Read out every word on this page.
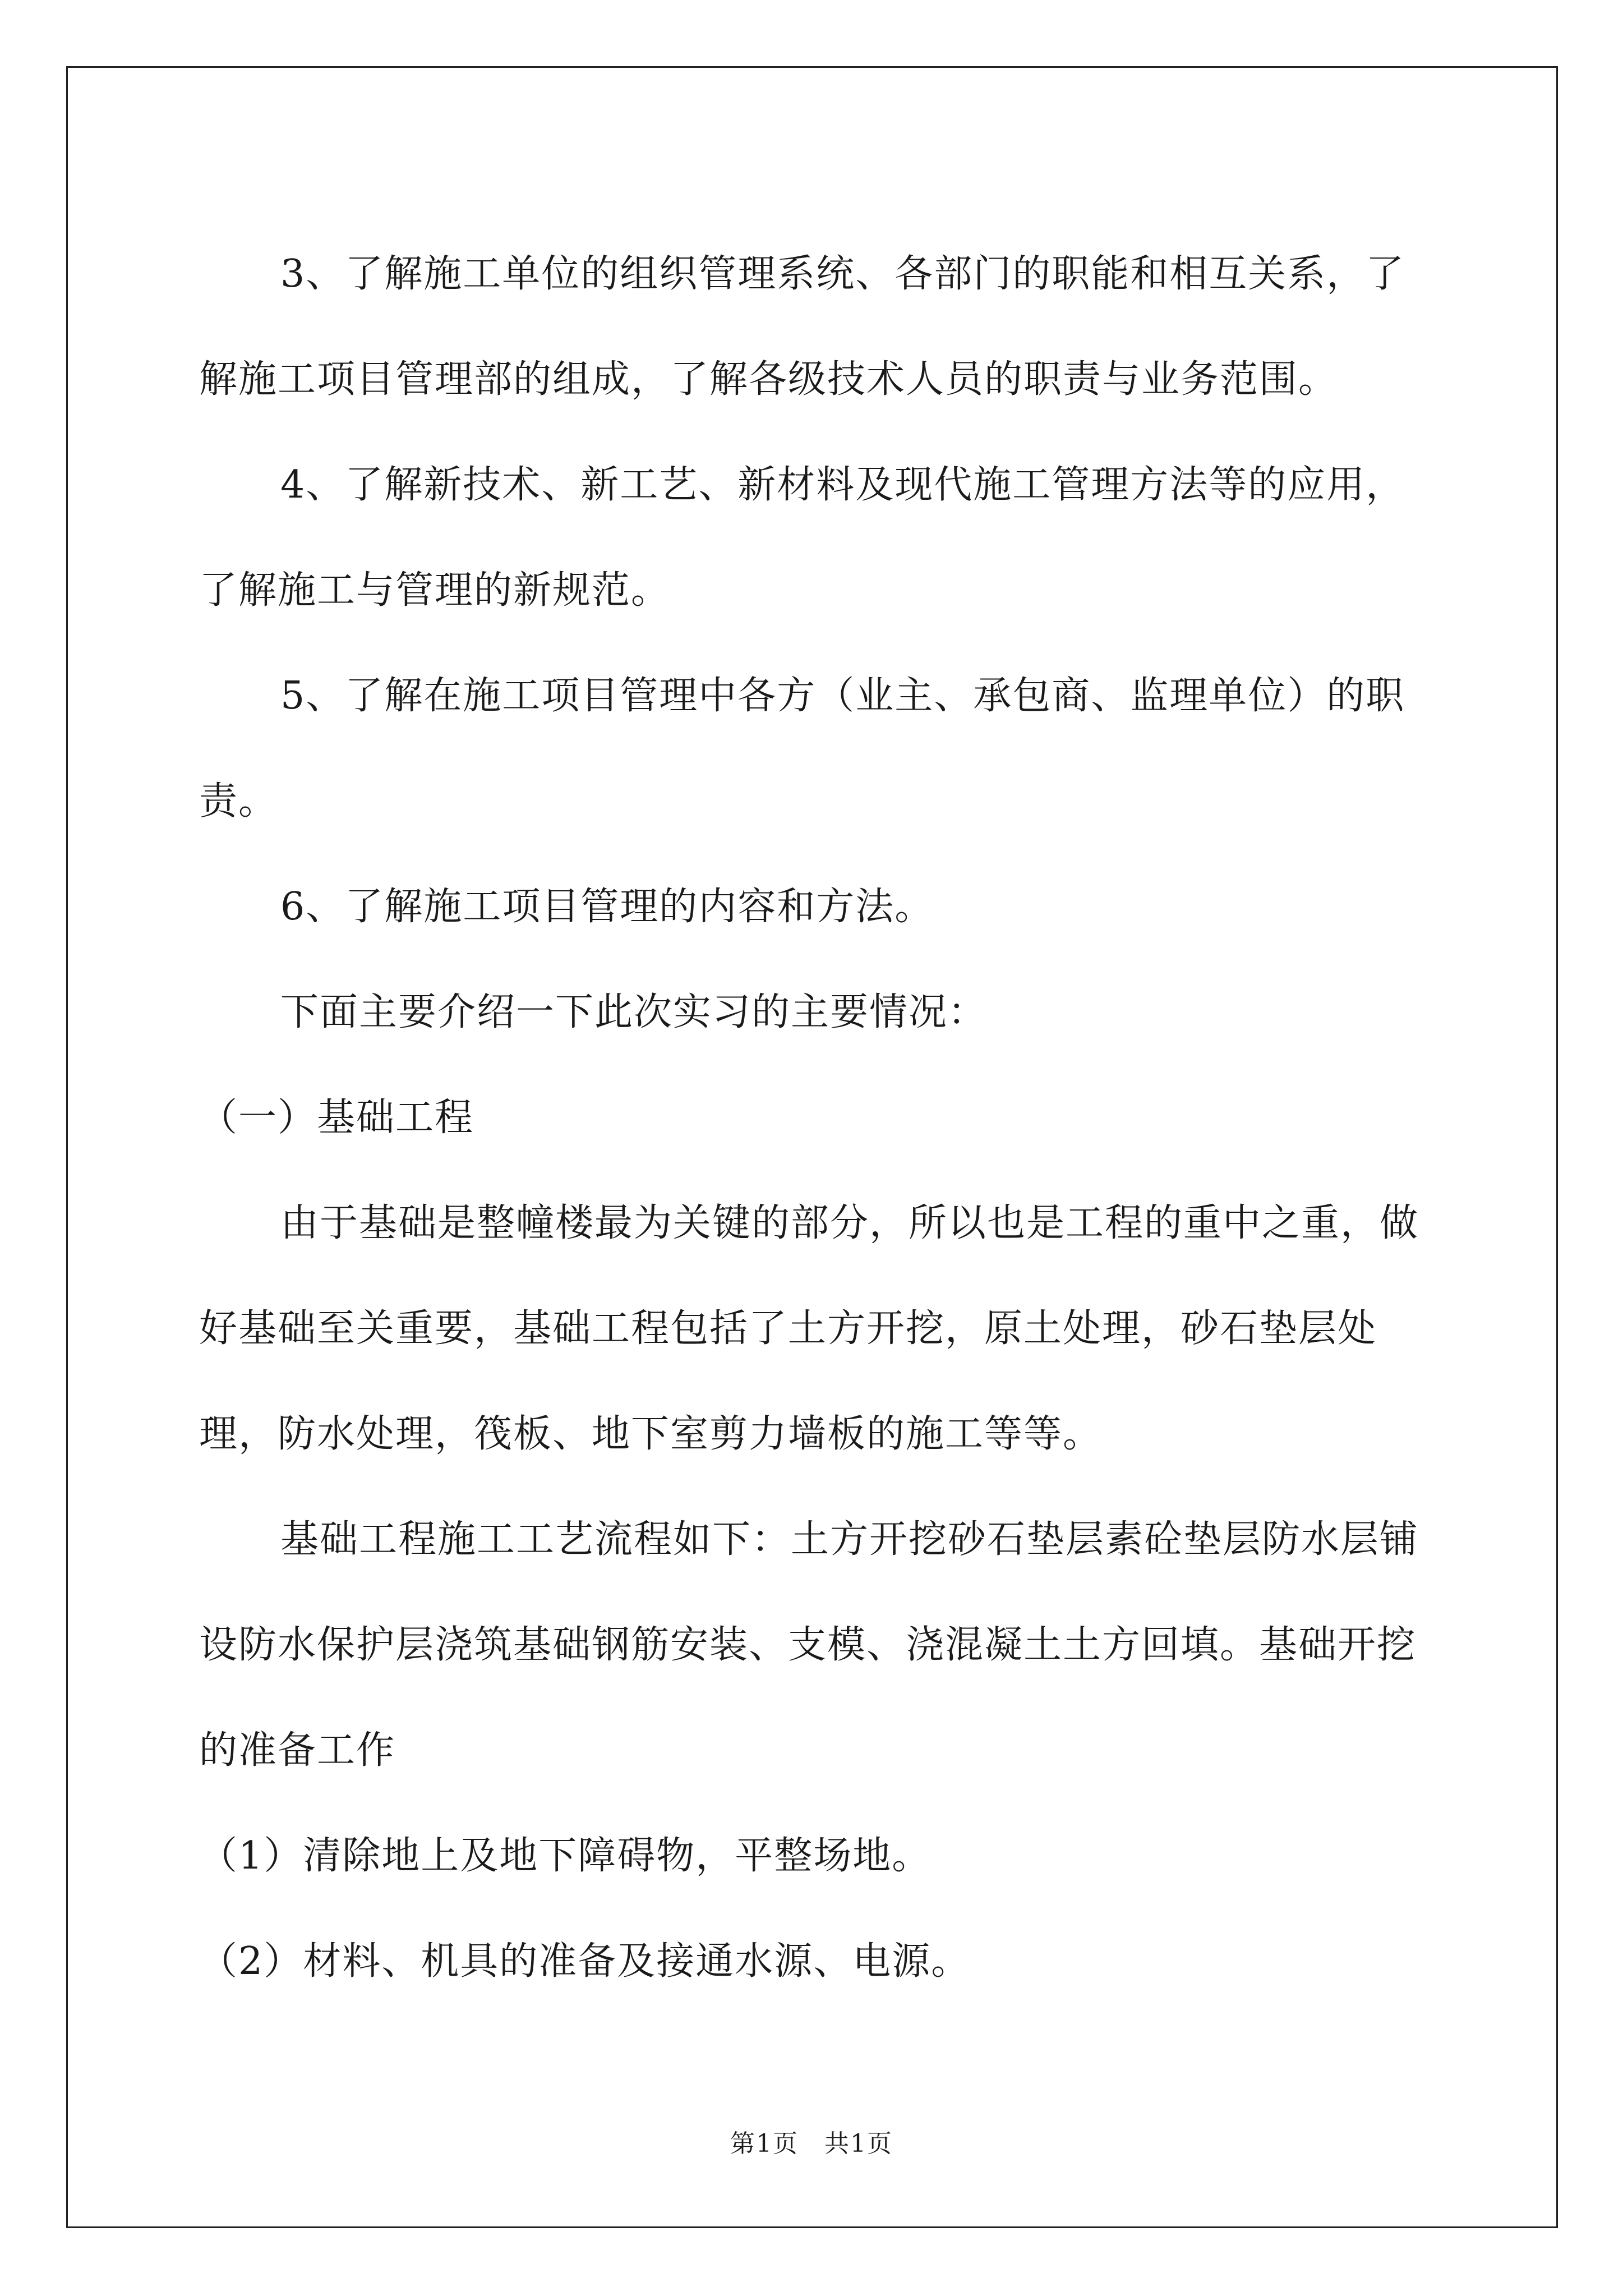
3、了解施工单位的组织管理系统、各部门的职能和相互关系，了解施工项目管理部的组成，了解各级技术人员的职责与业务范围。

4、了解新技术、新工艺、新材料及现代施工管理方法等的应用，了解施工与管理的新规范。

5、了解在施工项目管理中各方（业主、承包商、监理单位）的职责。

6、了解施工项目管理的内容和方法。

下面主要介绍一下此次实习的主要情况：

（一）基础工程

由于基础是整幢楼最为关键的部分，所以也是工程的重中之重，做好基础至关重要，基础工程包括了土方开挖，原土处理，砂石垫层处理，防水处理，筏板、地下室剪力墙板的施工等等。

基础工程施工工艺流程如下：土方开挖砂石垫层素砼垫层防水层铺设防水保护层浇筑基础钢筋安装、支模、浇混凝土土方回填。基础开挖的准备工作

（1）清除地上及地下障碍物，平整场地。

（2）材料、机具的准备及接通水源、电源。

第1页　共1页
